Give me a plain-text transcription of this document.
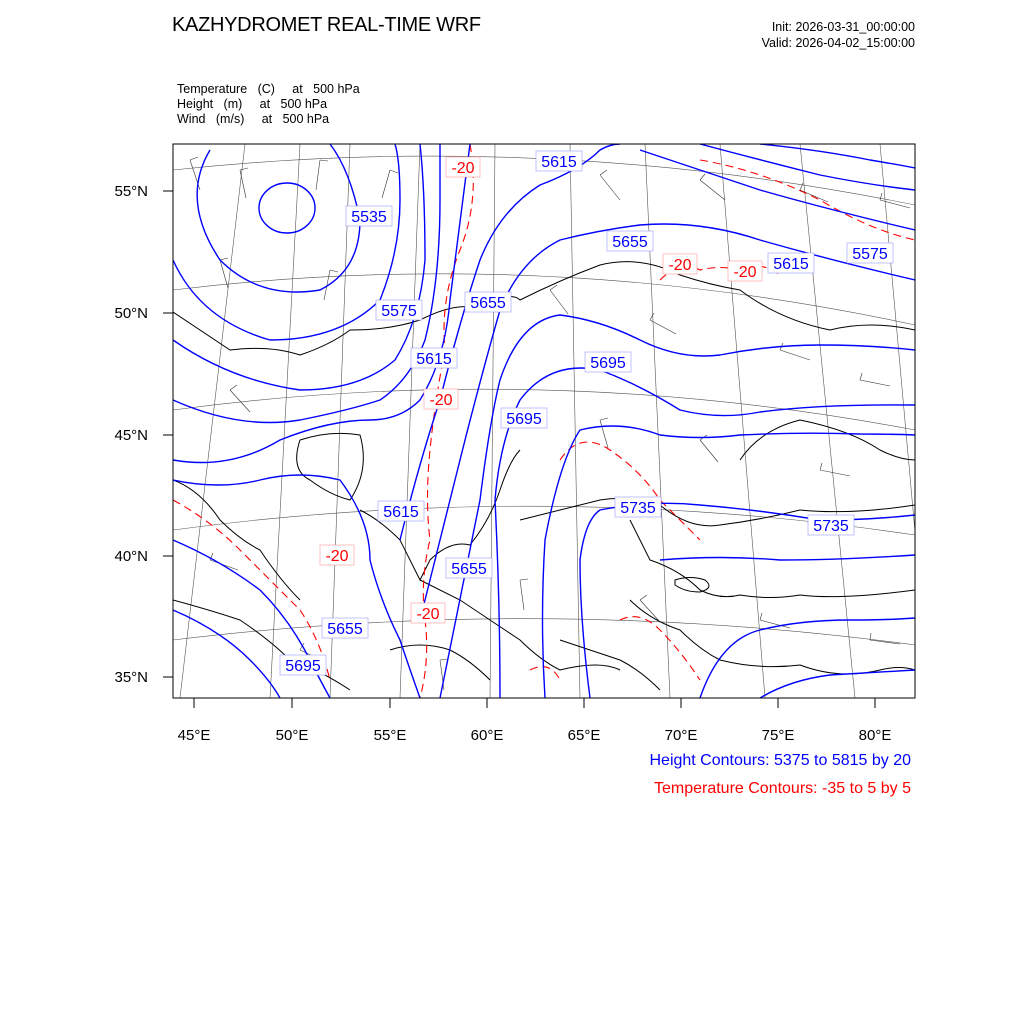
KAZHYDROMET REAL-TIME WRF	Init: 2026-03-31_00:00:00
Valid: 2026-04-02_15:00:00
Temperature   (C)     at   500 hPa
Height   (m)     at   500 hPa
Wind   (m/s)     at   500 hPa
55°N
50°N
45°N
40°N
35°N
45°E	50°E	55°E	60°E	65°E	70°E	75°E	80°E
5615
5535
5655
5575
5575	5655
5615
5615	5695
5695
5615	5735
5735
5655
5655
5695
-20
-20	-20
-20
-20
-20
Height Contours: 5375 to 5815 by 20
Temperature Contours: -35 to 5 by 5
